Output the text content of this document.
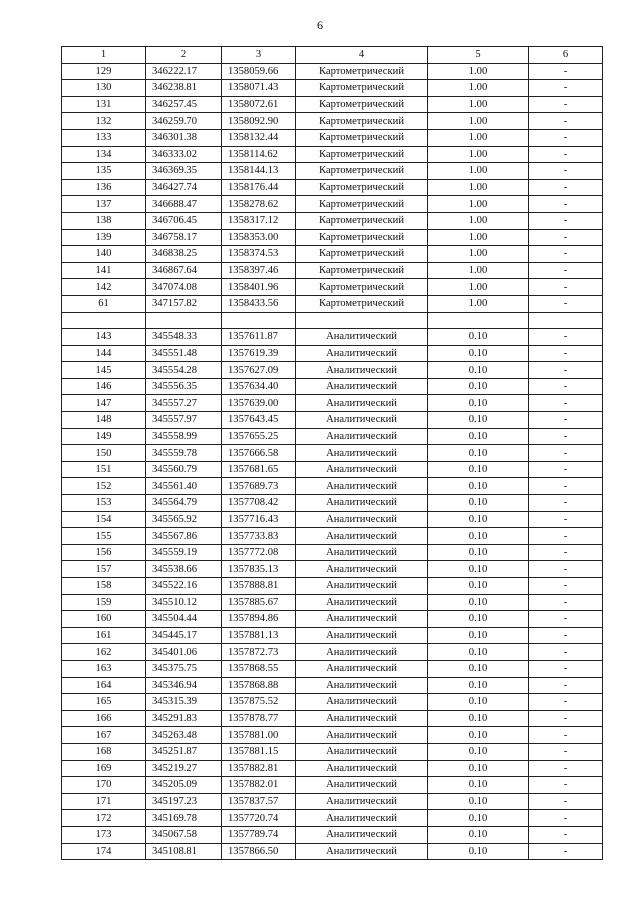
6
1	2	3	4	5	6
129	346222.17	1358059.66	Картометрический	1.00	-
130	346238.81	1358071.43	Картометрический	1.00	-
131	346257.45	1358072.61	Картометрический	1.00	-
132	346259.70	1358092.90	Картометрический	1.00	-
133	346301.38	1358132.44	Картометрический	1.00	-
134	346333.02	1358114.62	Картометрический	1.00	-
135	346369.35	1358144.13	Картометрический	1.00	-
136	346427.74	1358176.44	Картометрический	1.00	-
137	346688.47	1358278.62	Картометрический	1.00	-
138	346706.45	1358317.12	Картометрический	1.00	-
139	346758.17	1358353.00	Картометрический	1.00	-
140	346838.25	1358374.53	Картометрический	1.00	-
141	346867.64	1358397.46	Картометрический	1.00	-
142	347074.08	1358401.96	Картометрический	1.00	-
61	347157.82	1358433.56	Картометрический	1.00	-

143	345548.33	1357611.87	Аналитический	0.10	-
144	345551.48	1357619.39	Аналитический	0.10	-
145	345554.28	1357627.09	Аналитический	0.10	-
146	345556.35	1357634.40	Аналитический	0.10	-
147	345557.27	1357639.00	Аналитический	0.10	-
148	345557.97	1357643.45	Аналитический	0.10	-
149	345558.99	1357655.25	Аналитический	0.10	-
150	345559.78	1357666.58	Аналитический	0.10	-
151	345560.79	1357681.65	Аналитический	0.10	-
152	345561.40	1357689.73	Аналитический	0.10	-
153	345564.79	1357708.42	Аналитический	0.10	-
154	345565.92	1357716.43	Аналитический	0.10	-
155	345567.86	1357733.83	Аналитический	0.10	-
156	345559.19	1357772.08	Аналитический	0.10	-
157	345538.66	1357835.13	Аналитический	0.10	-
158	345522.16	1357888.81	Аналитический	0.10	-
159	345510.12	1357885.67	Аналитический	0.10	-
160	345504.44	1357894.86	Аналитический	0.10	-
161	345445.17	1357881.13	Аналитический	0.10	-
162	345401.06	1357872.73	Аналитический	0.10	-
163	345375.75	1357868.55	Аналитический	0.10	-
164	345346.94	1357868.88	Аналитический	0.10	-
165	345315.39	1357875.52	Аналитический	0.10	-
166	345291.83	1357878.77	Аналитический	0.10	-
167	345263.48	1357881.00	Аналитический	0.10	-
168	345251.87	1357881.15	Аналитический	0.10	-
169	345219.27	1357882.81	Аналитический	0.10	-
170	345205.09	1357882.01	Аналитический	0.10	-
171	345197.23	1357837.57	Аналитический	0.10	-
172	345169.78	1357720.74	Аналитический	0.10	-
173	345067.58	1357789.74	Аналитический	0.10	-
174	345108.81	1357866.50	Аналитический	0.10	-
